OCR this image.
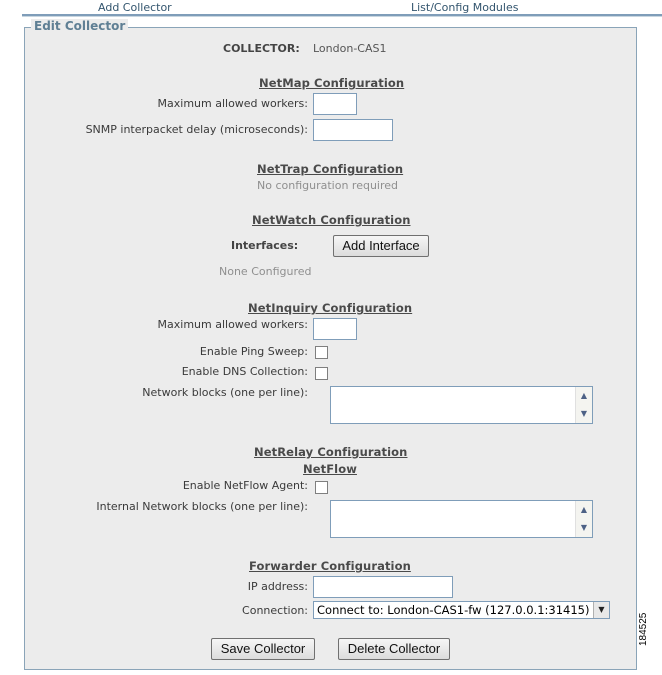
Add Collector	List/Config Modules
Edit Collector
COLLECTOR: London-CAS1
NetMap Configuration
Maximum allowed workers:
SNMP interpacket delay (microseconds):
NetTrap Configuration
No configuration required
NetWatch Configuration
Interfaces:	Add Interface
None Configured
NetInquiry Configuration
Maximum allowed workers:
Enable Ping Sweep:
Enable DNS Collection:
Network blocks (one per line):	▲
▼
NetRelay Configuration
NetFlow
Enable NetFlow Agent:
Internal Network blocks (one per line):	▲
▼
Forwarder Configuration
IP address:
Connection: Connect to: London-CAS1-fw (127.0.0.1:31415)	▼
Save Collector	Delete Collector
184525
